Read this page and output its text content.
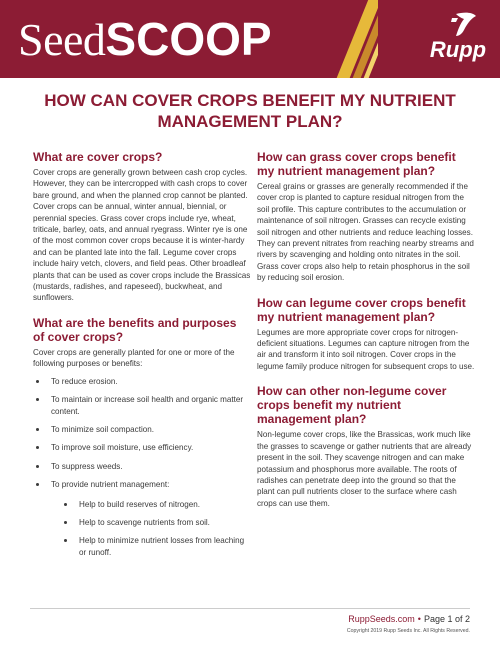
SeedSCOOP	Rupp
HOW CAN COVER CROPS BENEFIT MY NUTRIENT MANAGEMENT PLAN?
What are cover crops?

Cover crops are generally grown between cash crop cycles. However, they can be intercropped with cash crops to cover bare ground, and when the planned crop cannot be planted. Cover crops can be annual, winter annual, biennial, or perennial species. Grass cover crops include rye, wheat, triticale, barley, oats, and annual ryegrass. Winter rye is one of the most common cover crops because it is winter-hardy and can be planted late into the fall. Legume cover crops include hairy vetch, clovers, and field peas. Other broadleaf plants that can be used as cover crops include the Brassicas (mustards, radishes, and rapeseed), buckwheat, and sunflowers.

What are the benefits and purposes of cover crops?

Cover crops are generally planted for one or more of the following purposes or benefits:

To reduce erosion.
To maintain or increase soil health and organic matter content.
To minimize soil compaction.
To improve soil moisture, use efficiency.
To suppress weeds.
To provide nutrient management:
Help to build reserves of nitrogen.
Help to scavenge nutrients from soil.
Help to minimize nutrient losses from leaching or runoff.
How can grass cover crops benefit my nutrient management plan?

Cereal grains or grasses are generally recommended if the cover crop is planted to capture residual nitrogen from the soil profile. This capture contributes to the accumulation or maintenance of soil nitrogen. Grasses can recycle existing soil nitrogen and other nutrients and reduce leaching losses. They can prevent nitrates from reaching nearby streams and rivers by scavenging and holding onto nitrates in the soil. Grass cover crops also help to retain phosphorus in the soil by reducing soil erosion.

How can legume cover crops benefit my nutrient management plan?

Legumes are more appropriate cover crops for nitrogen-deficient situations. Legumes can capture nitrogen from the air and transform it into soil nitrogen. Cover crops in the legume family produce nitrogen for subsequent crops to use.

How can other non-legume cover crops benefit my nutrient management plan?

Non-legume cover crops, like the Brassicas, work much like the grasses to scavenge or gather nutrients that are already present in the soil. They scavenge nitrogen and can make potassium and phosphorus more available. The roots of radishes can penetrate deep into the ground so that the plant can pull nutrients closer to the surface where cash crops can use them.

RuppSeeds.com • Page 1 of 2
Copyright 2019 Rupp Seeds Inc. All Rights Reserved.
